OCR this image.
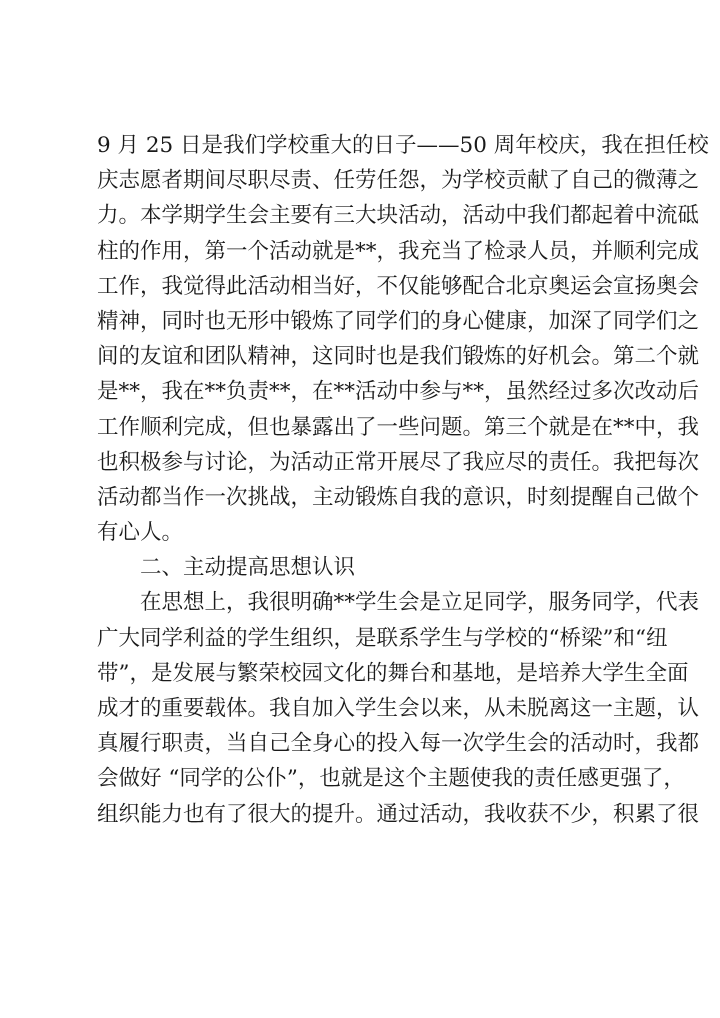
9 月 25 日是我们学校重大的日子——50 周年校庆，我在担任校
庆志愿者期间尽职尽责、任劳任怨，为学校贡献了自己的微薄之
力。本学期学生会主要有三大块活动，活动中我们都起着中流砥
柱的作用，第一个活动就是**，我充当了检录人员，并顺利完成
工作，我觉得此活动相当好，不仅能够配合北京奥运会宣扬奥会
精神，同时也无形中锻炼了同学们的身心健康，加深了同学们之
间的友谊和团队精神，这同时也是我们锻炼的好机会。第二个就
是**，我在**负责**，在**活动中参与**，虽然经过多次改动后
工作顺利完成，但也暴露出了一些问题。第三个就是在**中，我
也积极参与讨论，为活动正常开展尽了我应尽的责任。我把每次
活动都当作一次挑战，主动锻炼自我的意识，时刻提醒自己做个
有心人。
二、主动提高思想认识
在思想上，我很明确**学生会是立足同学，服务同学，代表
广大同学利益的学生组织，是联系学生与学校的“桥梁”和“纽
带”，是发展与繁荣校园文化的舞台和基地，是培养大学生全面
成才的重要载体。我自加入学生会以来，从未脱离这一主题，认
真履行职责，当自己全身心的投入每一次学生会的活动时，我都
会做好 “同学的公仆”，也就是这个主题使我的责任感更强了，
组织能力也有了很大的提升。通过活动，我收获不少，积累了很
